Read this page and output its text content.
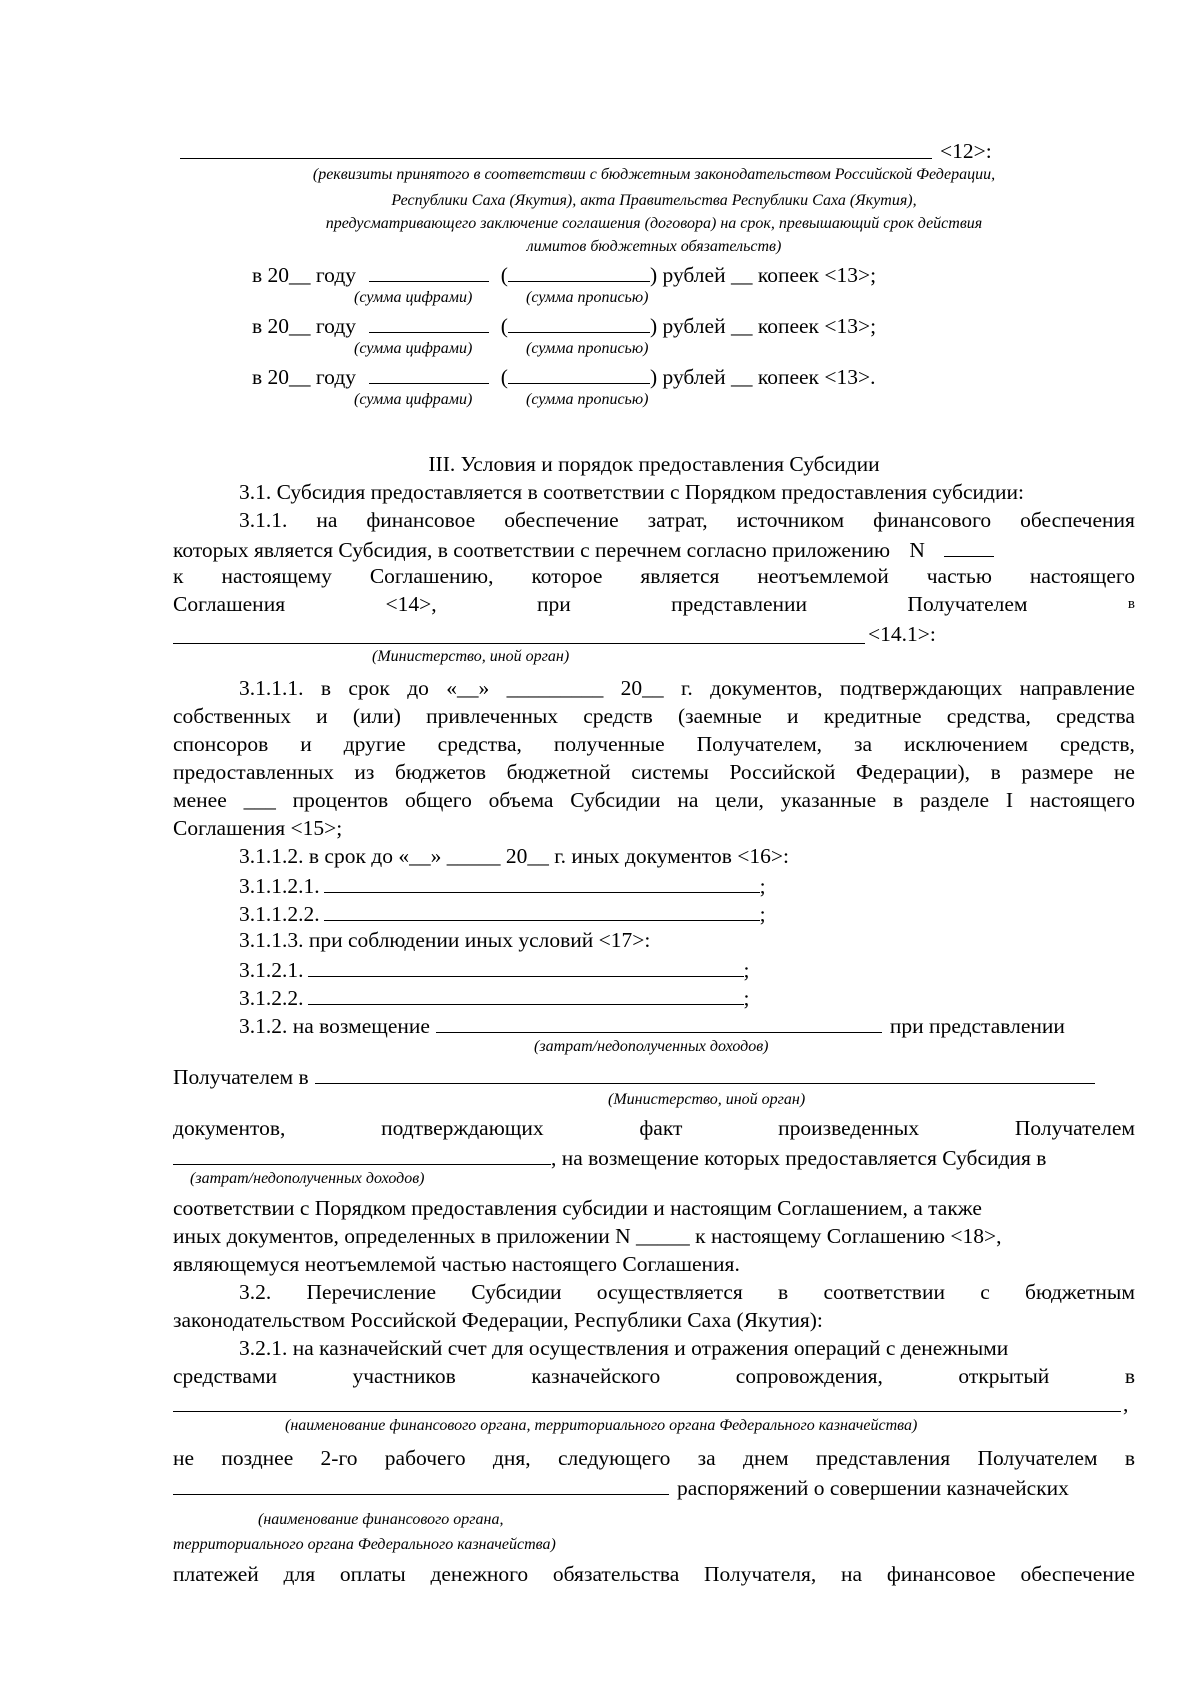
<12>:
(реквизиты принятого в соответствии с бюджетным законодательством Российской Федерации,
Республики Саха (Якутия), акта Правительства Республики Саха (Якутия),
предусматривающего заключение соглашения (договора) на срок, превышающий срок действия
лимитов бюджетных обязательств)
в 20__ году	(	) рублей __ копеек <13>;
(сумма цифрами)	(сумма прописью)
в 20__ году	(	) рублей __ копеек <13>;
(сумма цифрами)	(сумма прописью)
в 20__ году	(	) рублей __ копеек <13>.
(сумма цифрами)	(сумма прописью)
III. Условия и порядок предоставления Субсидии
3.1. Субсидия предоставляется в соответствии с Порядком предоставления субсидии:
3.1.1. на финансовое обеспечение затрат, источником финансового обеспечения
которых является Субсидия, в соответствии с перечнем согласно приложению N
к настоящему Соглашению, которое является неотъемлемой частью настоящего
Соглашения	<14>,	при	представлении	Получателем	в
<14.1>:
(Министерство, иной орган)
3.1.1.1. в срок до «__» _________ 20__ г. документов, подтверждающих направление
собственных и (или) привлеченных средств (заемные и кредитные средства, средства
спонсоров и другие средства, полученные Получателем, за исключением средств,
предоставленных из бюджетов бюджетной системы Российской Федерации), в размере не
менее ___ процентов общего объема Субсидии на цели, указанные в разделе I настоящего
Соглашения <15>;
3.1.1.2. в срок до «__» _____ 20__ г. иных документов <16>:
3.1.1.2.1.	;
3.1.1.2.2.	;
3.1.1.3. при соблюдении иных условий <17>:
3.1.2.1.	;
3.1.2.2.	;
3.1.2. на возмещение	при представлении
(затрат/недополученных доходов)
Получателем в
(Министерство, иной орган)
документов,	подтверждающих	факт	произведенных	Получателем
, на возмещение которых предоставляется Субсидия в
(затрат/недополученных доходов)
соответствии с Порядком предоставления субсидии и настоящим Соглашением, а также
иных документов, определенных в приложении N _____ к настоящему Соглашению <18>,
являющемуся неотъемлемой частью настоящего Соглашения.
3.2. Перечисление Субсидии осуществляется в соответствии с бюджетным
законодательством Российской Федерации, Республики Саха (Якутия):
3.2.1. на казначейский счет для осуществления и отражения операций с денежными
средствами	участников	казначейского	сопровождения,	открытый	в
,
(наименование финансового органа, территориального органа Федерального казначейства)
не позднее 2-го рабочего дня, следующего за днем представления Получателем в
распоряжений о совершении казначейских
(наименование финансового органа,
территориального органа Федерального казначейства)
платежей для оплаты денежного обязательства Получателя, на финансовое обеспечение
